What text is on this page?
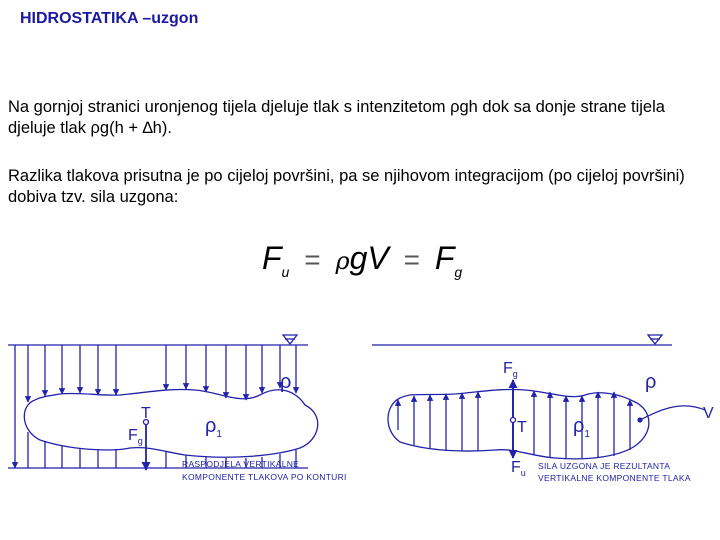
HIDROSTATIKA –uzgon
Na gornjoj stranici uronjenog tijela djeluje tlak s intenzitetom ρgh dok sa donje strane tijela djeluje tlak ρg(h + ∆h).
Razlika tlakova prisutna je po cijeloj površini, pa se njihovom integracijom (po cijeloj površini) dobiva tzv. sila uzgona:
$F_u = \rho gV = F_g$
ρ
$\rho_1$
T
$F_g$
RASPODJELA VERTIKALNE
KOMPONENTE TLAKOVA PO KONTURI
ρ
$\rho_1$
T
$F_g$
$F_u$
V
SILA UZGONA JE REZULTANTA
VERTIKALNE KOMPONENTE TLAKA
